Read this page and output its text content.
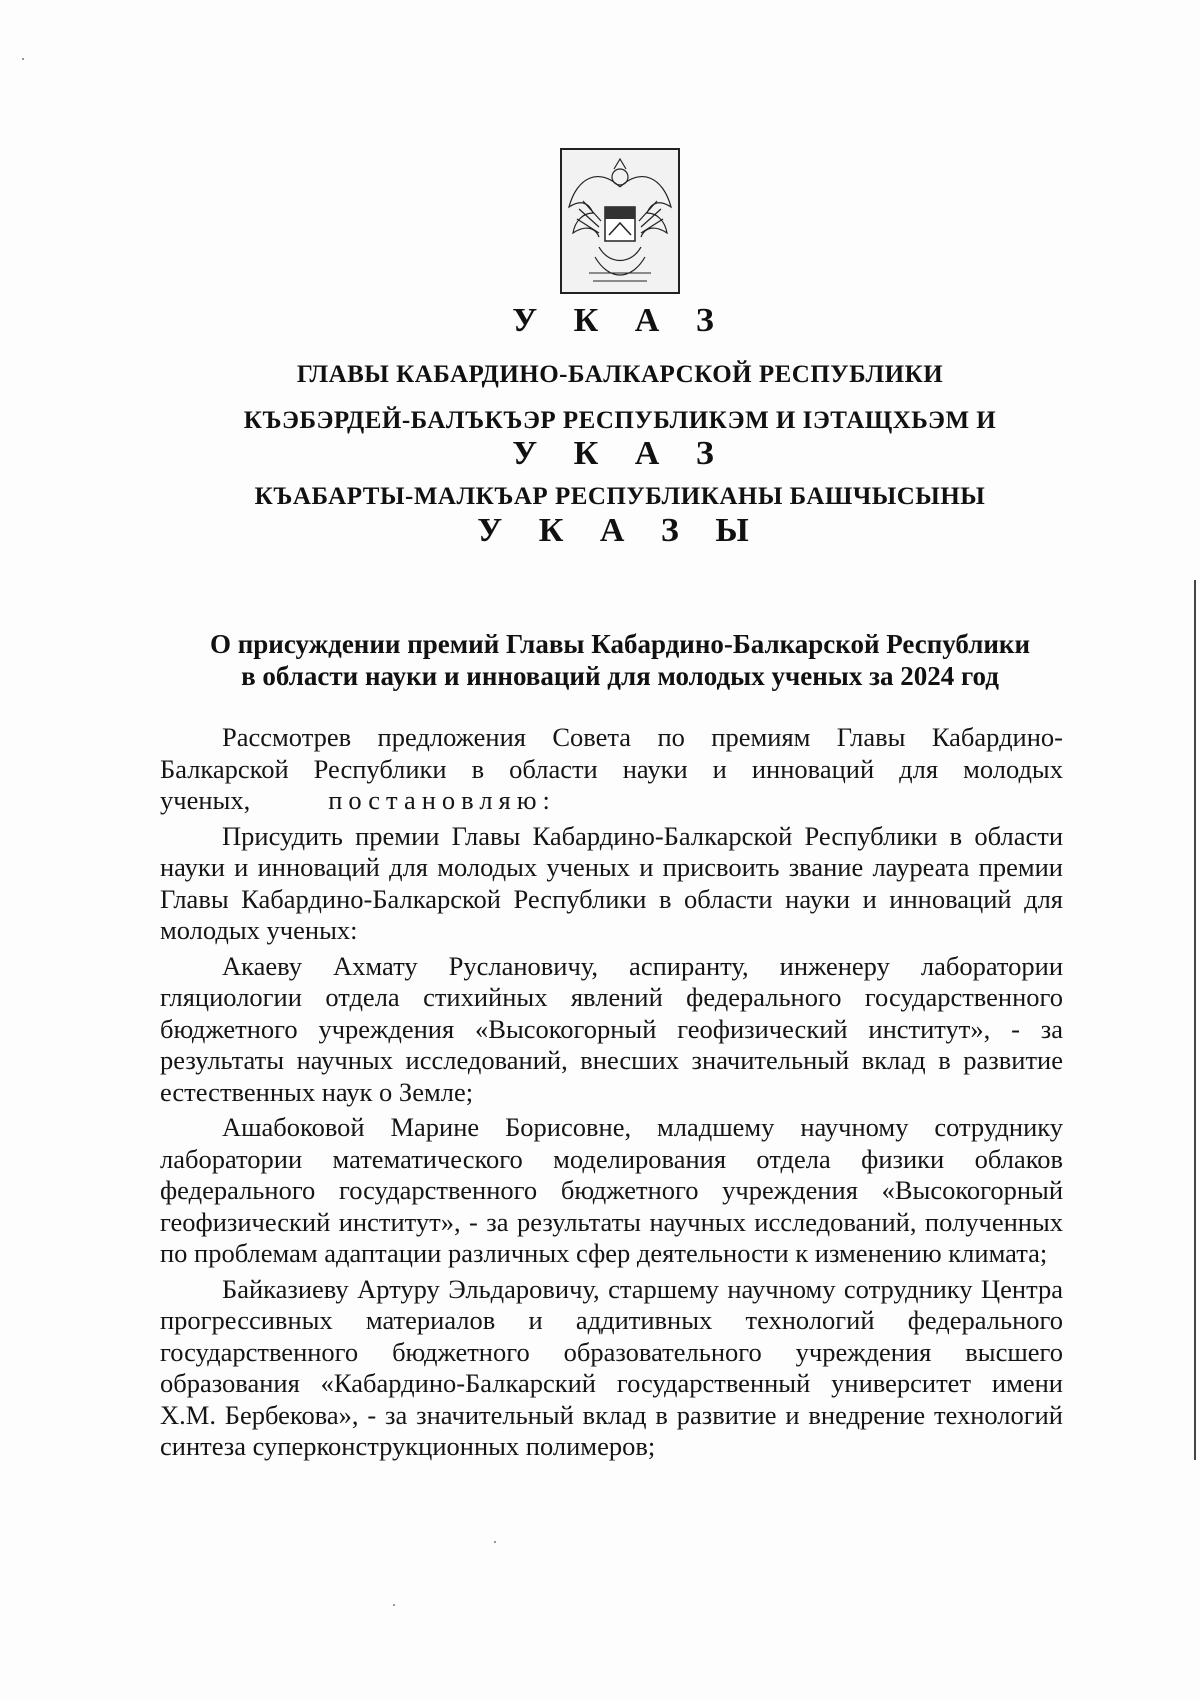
У К А З
ГЛАВЫ КАБАРДИНО-БАЛКАРСКОЙ РЕСПУБЛИКИ
КЪЭБЭРДЕЙ-БАЛЪКЪЭР РЕСПУБЛИКЭМ И ІЭТАЩХЬЭМ И
У К А З
КЪАБАРТЫ-МАЛКЪАР РЕСПУБЛИКАНЫ БАШЧЫСЫНЫ
У К А З Ы
О присуждении премий Главы Кабардино-Балкарской Республики
в области науки и инноваций для молодых ученых за 2024 год

Рассмотрев предложения Совета по премиям Главы Кабардино-Балкарской Республики в области науки и инноваций для молодых ученых,	постановляю:

Присудить премии Главы Кабардино-Балкарской Республики в области науки и инноваций для молодых ученых и присвоить звание лауреата премии Главы Кабардино-Балкарской Республики в области науки и инноваций для молодых ученых:

Акаеву Ахмату Руслановичу, аспиранту, инженеру лаборатории гляциологии отдела стихийных явлений федерального государственного бюджетного учреждения «Высокогорный геофизический институт», - за результаты научных исследований, внесших значительный вклад в развитие естественных наук о Земле;

Ашабоковой Марине Борисовне, младшему научному сотруднику лаборатории математического моделирования отдела физики облаков федерального государственного бюджетного учреждения «Высокогорный геофизический институт», - за результаты научных исследований, полученных по проблемам адаптации различных сфер деятельности к изменению климата;

Байказиеву Артуру Эльдаровичу, старшему научному сотруднику Центра прогрессивных материалов и аддитивных технологий федерального государственного бюджетного образовательного учреждения высшего образования «Кабардино-Балкарский государственный университет имени Х.М. Бербекова», - за значительный вклад в развитие и внедрение технологий синтеза суперконструкционных полимеров;
